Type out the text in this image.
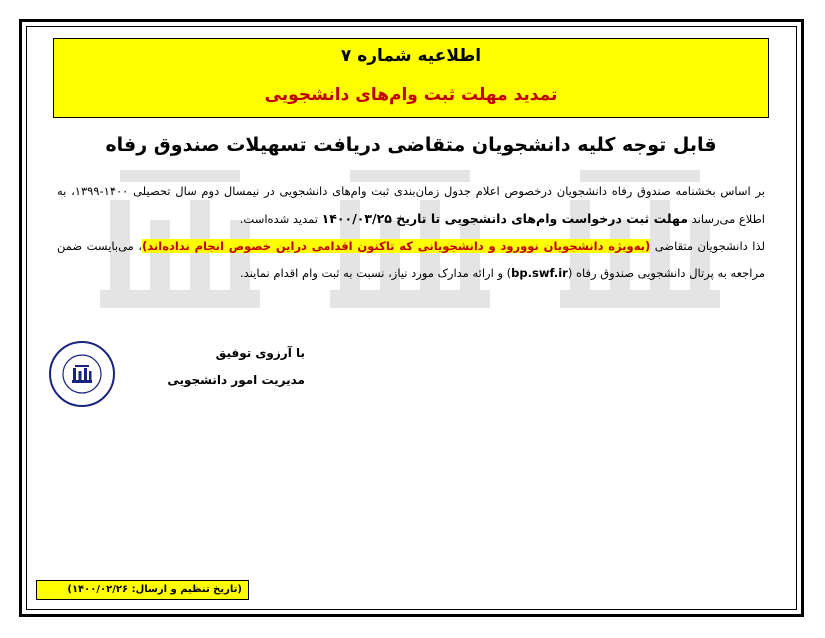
اطلاعیه شماره ۷
تمدید مهلت ثبت وام‌های دانشجویی
قابل توجه کلیه دانشجویان متقاضی دریافت تسهیلات صندوق رفاه

بر اساس بخشنامه صندوق رفاه دانشجویان درخصوص اعلام جدول زمان‌بندی ثبت وام‌های دانشجویی در نیمسال دوم سال تحصیلی ۱۴۰۰-۱۳۹۹، به اطلاع می‌رساند مهلت ثبت درخواست وام‌های دانشجویی تا تاریخ ۱۴۰۰/۰۳/۲۵ تمدید شده‌است.

لذا دانشجویان متقاضی (به‌ویژه دانشجویان نوورود و دانشجویانی که تاکنون اقدامی دراین خصوص انجام نداده‌اند)، می‌بایست ضمن مراجعه به پرتال دانشجویی صندوق رفاه (bp.swf.ir) و ارائه مدارک مورد نیاز، نسبت به ثبت وام اقدام نمایند.

با آرزوی توفیق
مدیریت امور دانشجویی
(تاریخ تنظیم و ارسال: ۱۴۰۰/۰۲/۲۶)
